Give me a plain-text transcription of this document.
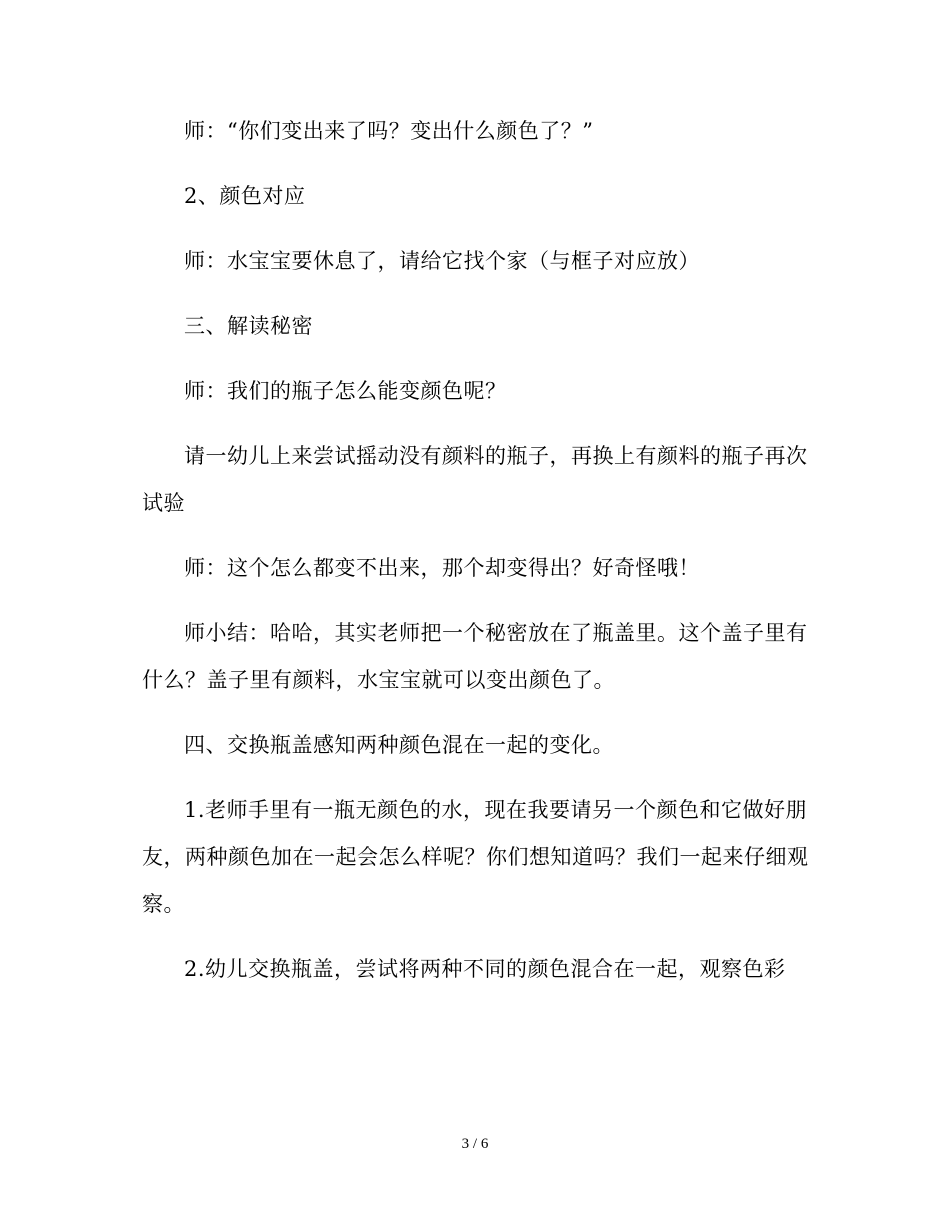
师：“你们变出来了吗？变出什么颜色了？”

2、颜色对应

师：水宝宝要休息了，请给它找个家（与框子对应放）

三、解读秘密

师：我们的瓶子怎么能变颜色呢？

请一幼儿上来尝试摇动没有颜料的瓶子，再换上有颜料的瓶子再次试验

师：这个怎么都变不出来，那个却变得出？好奇怪哦！

师小结：哈哈，其实老师把一个秘密放在了瓶盖里。这个盖子里有什么？盖子里有颜料，水宝宝就可以变出颜色了。

四、交换瓶盖感知两种颜色混在一起的变化。

1.老师手里有一瓶无颜色的水，现在我要请另一个颜色和它做好朋友，两种颜色加在一起会怎么样呢？你们想知道吗？我们一起来仔细观察。

2.幼儿交换瓶盖，尝试将两种不同的颜色混合在一起，观察色彩

3 / 6
